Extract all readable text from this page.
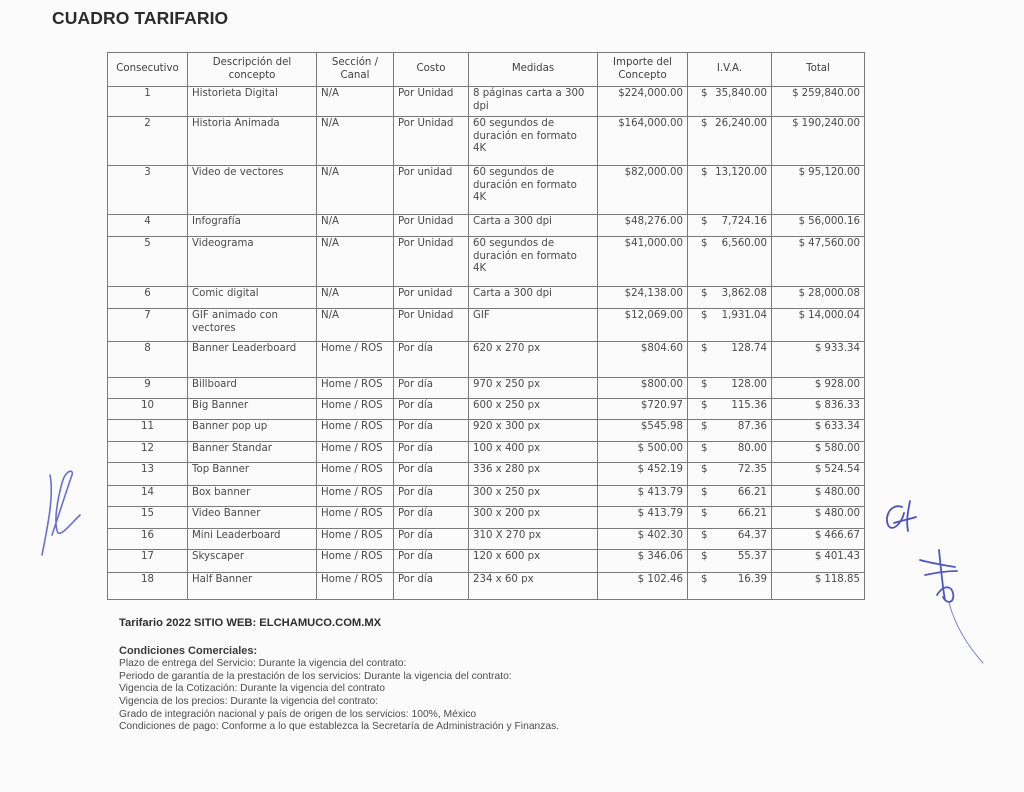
CUADRO TARIFARIO
Consecutivo	Descripción del concepto	Sección / Canal	Costo	Medidas	Importe del Concepto	I.V.A.	Total
1	Historieta Digital	N/A	Por Unidad	8 páginas carta a 300 dpi	$224,000.00	$ 35,840.00	$ 259,840.00
2	Historia Animada	N/A	Por Unidad	60 segundos de duración en formato 4K	$164,000.00	$ 26,240.00	$ 190,240.00
3	Video de vectores	N/A	Por unidad	60 segundos de duración en formato 4K	$82,000.00	$ 13,120.00	$ 95,120.00
4	Infografía	N/A	Por Unidad	Carta a 300 dpi	$48,276.00	$ 7,724.16	$ 56,000.16
5	Videograma	N/A	Por Unidad	60 segundos de duración en formato 4K	$41,000.00	$ 6,560.00	$ 47,560.00
6	Comic digital	N/A	Por unidad	Carta a 300 dpi	$24,138.00	$ 3,862.08	$ 28,000.08
7	GIF animado con vectores	N/A	Por Unidad	GIF	$12,069.00	$ 1,931.04	$ 14,000.04
8	Banner Leaderboard	Home / ROS	Por día	620 x 270 px	$804.60	$ 128.74	$ 933.34
9	Billboard	Home / ROS	Por día	970 x 250 px	$800.00	$ 128.00	$ 928.00
10	Big Banner	Home / ROS	Por día	600 x 250 px	$720.97	$ 115.36	$ 836.33
11	Banner pop up	Home / ROS	Por día	920 x 300 px	$545.98	$ 87.36	$ 633.34
12	Banner Standar	Home / ROS	Por día	100 x 400 px	$ 500.00	$ 80.00	$ 580.00
13	Top Banner	Home / ROS	Por día	336 x 280 px	$ 452.19	$ 72.35	$ 524.54
14	Box banner	Home / ROS	Por día	300 x 250 px	$ 413.79	$ 66.21	$ 480.00
15	Video Banner	Home / ROS	Por día	300 x 200 px	$ 413.79	$ 66.21	$ 480.00
16	Mini Leaderboard	Home / ROS	Por día	310 X 270 px	$ 402.30	$ 64.37	$ 466.67
17	Skyscaper	Home / ROS	Por día	120 x 600 px	$ 346.06	$ 55.37	$ 401.43
18	Half Banner	Home / ROS	Por día	234 x 60 px	$ 102.46	$ 16.39	$ 118.85
Tarifario 2022 SITIO WEB: ELCHAMUCO.COM.MX
Condiciones Comerciales:
Plazo de entrega del Servicio: Durante la vigencia del contrato:
Periodo de garantía de la prestación de los servicios: Durante la vigencia del contrato:
Vigencia de la Cotización: Durante la vigencia del contrato
Vigencia de los precios: Durante la vigencia del contrato:
Grado de integración nacional y país de origen de los servicios: 100%, México
Condiciones de pago: Conforme a lo que establezca la Secretaría de Administración y Finanzas.
